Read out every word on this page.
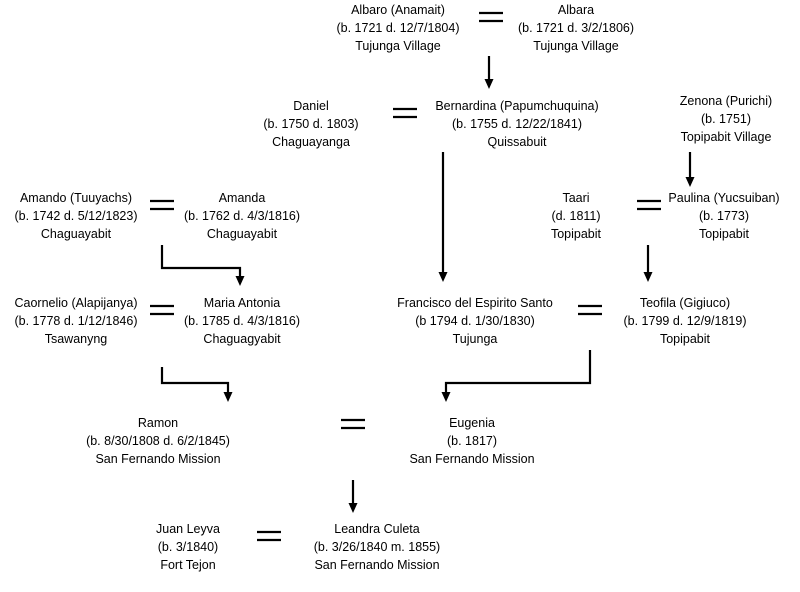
Albaro (Anamait)
(b. 1721 d. 12/7/1804)
Tujunga Village
Albara
(b. 1721 d. 3/2/1806)
Tujunga Village
Daniel
(b. 1750 d. 1803)
Chaguayanga
Bernardina (Papumchuquina)
(b. 1755 d. 12/22/1841)
Quissabuit
Zenona (Purichi)
(b. 1751)
Topipabit Village
Amando (Tuuyachs)
(b. 1742 d. 5/12/1823)
Chaguayabit
Amanda
(b. 1762 d. 4/3/1816)
Chaguayabit
Taari
(d. 1811)
Topipabit
Paulina (Yucsuiban)
(b. 1773)
Topipabit
Caornelio (Alapijanya)
(b. 1778 d. 1/12/1846)
Tsawanyng
Maria Antonia
(b. 1785 d. 4/3/1816)
Chaguagyabit
Francisco del Espirito Santo
(b 1794 d. 1/30/1830)
Tujunga
Teofila (Gigiuco)
(b. 1799 d. 12/9/1819)
Topipabit
Ramon
(b. 8/30/1808 d. 6/2/1845)
San Fernando Mission
Eugenia
(b. 1817)
San Fernando Mission
Juan Leyva
(b. 3/1840)
Fort Tejon
Leandra Culeta
(b. 3/26/1840 m. 1855)
San Fernando Mission
